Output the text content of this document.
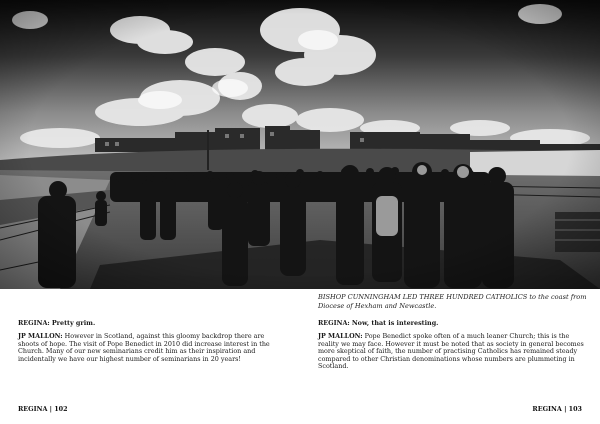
BISHOP CUNNINGHAM LED THREE HUNDRED CATHOLICS to the coast from Diocese of Hexham and Newcastle.

REGINA: Pretty grim.

JP MALLON: However in Scotland, against this gloomy backdrop there are shoots of hope. The visit of Pope Benedict in 2010 did increase interest in the Church. Many of our new seminarians credit him as their inspiration and incidentally we have our highest number of seminarians in 20 years!

REGINA: Now, that is interesting.

JP MALLON: Pope Benedict spoke often of a much leaner Church; this is the reality we may face. However it must be noted that as society in general becomes more skeptical of faith, the number of practising Catholics has remained steady compared to other Christian denominations whose numbers are plummeting in Scotland.

REGINA | 102	REGINA | 103
